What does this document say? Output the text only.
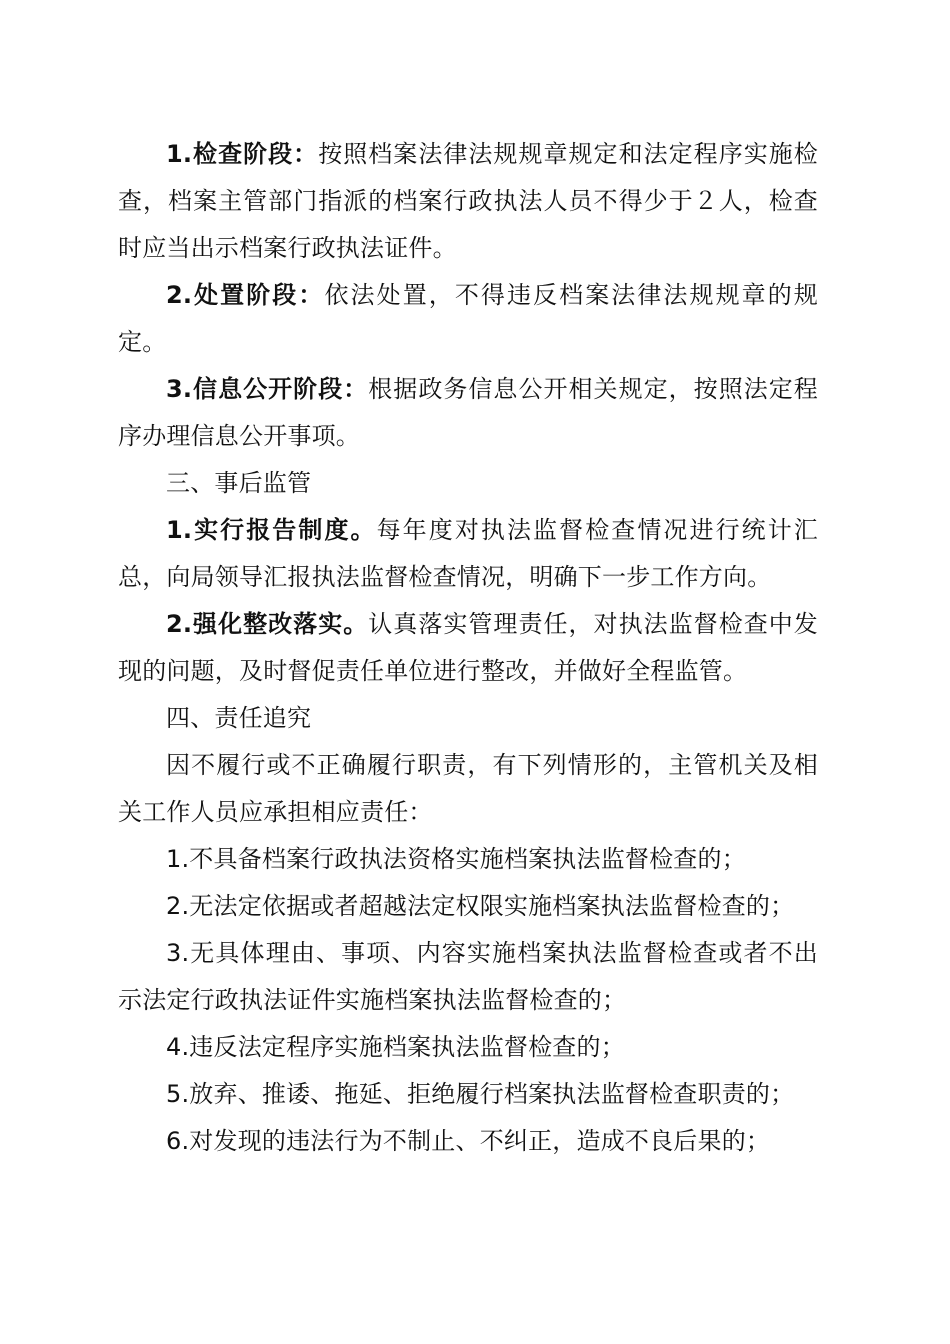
1.检查阶段：按照档案法律法规规章规定和法定程序实施检查，档案主管部门指派的档案行政执法人员不得少于２人，检查时应当出示档案行政执法证件。

2.处置阶段：依法处置，不得违反档案法律法规规章的规定。

3.信息公开阶段：根据政务信息公开相关规定，按照法定程序办理信息公开事项。

三、事后监管

1.实行报告制度。每年度对执法监督检查情况进行统计汇总，向局领导汇报执法监督检查情况，明确下一步工作方向。

2.强化整改落实。认真落实管理责任，对执法监督检查中发现的问题，及时督促责任单位进行整改，并做好全程监管。

四、责任追究

因不履行或不正确履行职责，有下列情形的，主管机关及相关工作人员应承担相应责任：

1.不具备档案行政执法资格实施档案执法监督检查的；

2.无法定依据或者超越法定权限实施档案执法监督检查的；

3.无具体理由、事项、内容实施档案执法监督检查或者不出示法定行政执法证件实施档案执法监督检查的；

4.违反法定程序实施档案执法监督检查的；

5.放弃、推诿、拖延、拒绝履行档案执法监督检查职责的；

6.对发现的违法行为不制止、不纠正，造成不良后果的；
